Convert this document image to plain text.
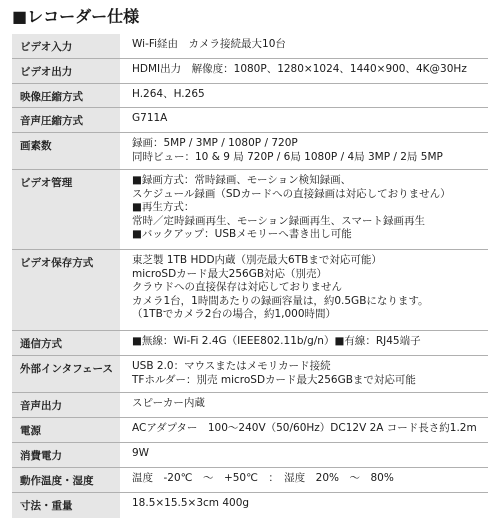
■レコーダー仕様
ビデオ入力	Wi-Fi経由　カメラ接続最大10台
ビデオ出力	HDMI出力　解像度：1080P、1280×1024、1440×900、4K@30Hz
映像圧縮方式	H.264、H.265
音声圧縮方式	G711A
画素数	録画：5MP / 3MP / 1080P / 720P
同時ビュー：10 & 9 局 720P / 6局 1080P / 4局 3MP / 2局 5MP
ビデオ管理	■録画方式：常時録画、モーション検知録画、
スケジュール録画（SDカードへの直接録画は対応しておりません）
■再生方式：
常時／定時録画再生、モーション録画再生、スマート録画再生
■バックアップ：USBメモリーへ書き出し可能
ビデオ保存方式	東芝製 1TB HDD内蔵（別売最大6TBまで対応可能）
microSDカード最大256GB対応（別売）
クラウドへの直接保存は対応しておりません
カメラ1台，1時間あたりの録画容量は，約0.5GBになります。
（1TBでカメラ2台の場合，約1,000時間）
通信方式	■無線：Wi-Fi 2.4G（IEEE802.11b/g/n）■有線：RJ45端子
外部インタフェース	USB 2.0：マウスまたはメモリカード接続
TFホルダー：別売 microSDカード最大256GBまで対応可能
音声出力	スピーカー内蔵
電源	ACアダプター　100～240V（50/60Hz）DC12V 2A コード長さ約1.2m
消費電力	9W
動作温度・湿度	温度　-20℃　～　+50℃　：　湿度　20%　～　80%
寸法・重量	18.5×15.5×3cm 400g
